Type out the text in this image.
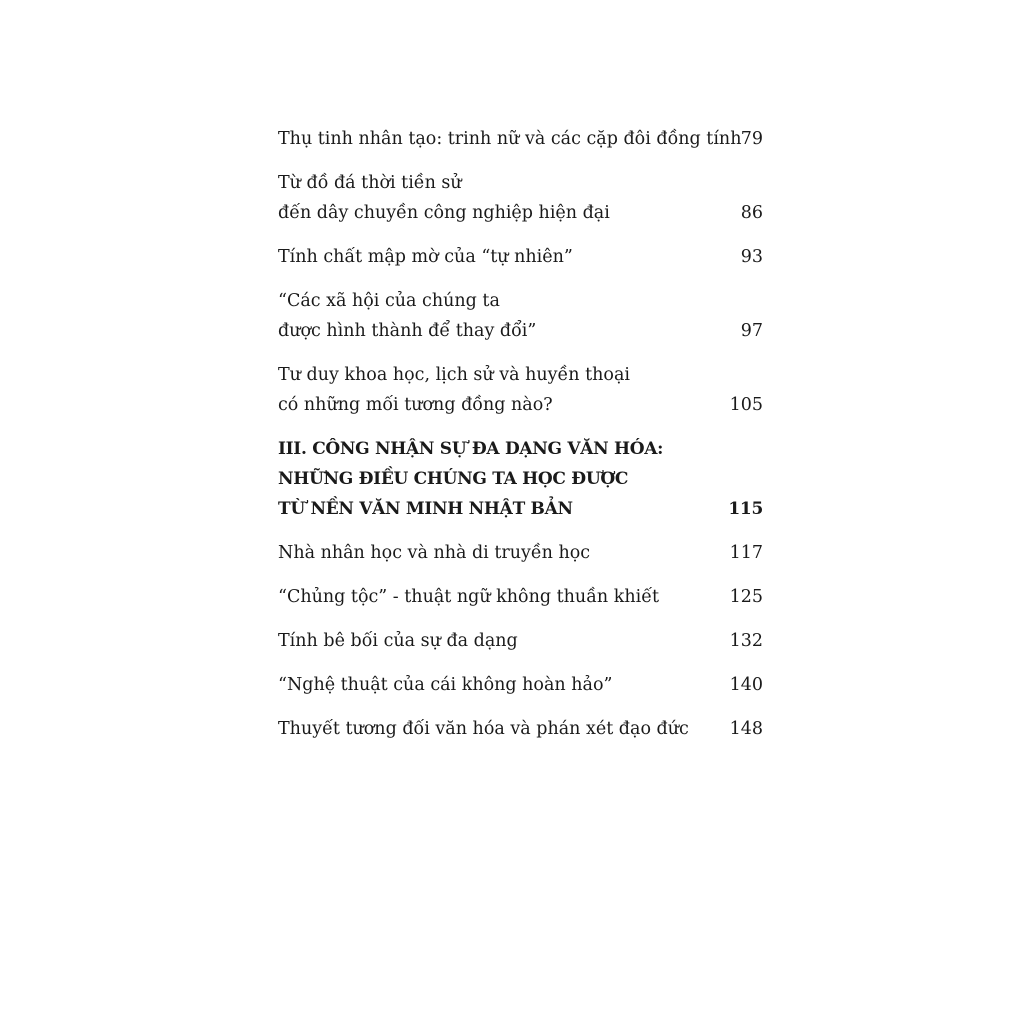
Thụ tinh nhân tạo: trinh nữ và các cặp đôi đồng tính 79
Từ đồ đá thời tiền sử
đến dây chuyền công nghiệp hiện đại	86
Tính chất mập mờ của “tự nhiên”	93
“Các xã hội của chúng ta
được hình thành để thay đổi”	97
Tư duy khoa học, lịch sử và huyền thoại
có những mối tương đồng nào?	105
III. CÔNG NHẬN SỰ ĐA DẠNG VĂN HÓA:
NHỮNG ĐIỀU CHÚNG TA HỌC ĐƯỢC
TỪ NỀN VĂN MINH NHẬT BẢN	115
Nhà nhân học và nhà di truyền học	117
“Chủng tộc” - thuật ngữ không thuần khiết	125
Tính bê bối của sự đa dạng	132
“Nghệ thuật của cái không hoàn hảo”	140
Thuyết tương đối văn hóa và phán xét đạo đức	148
